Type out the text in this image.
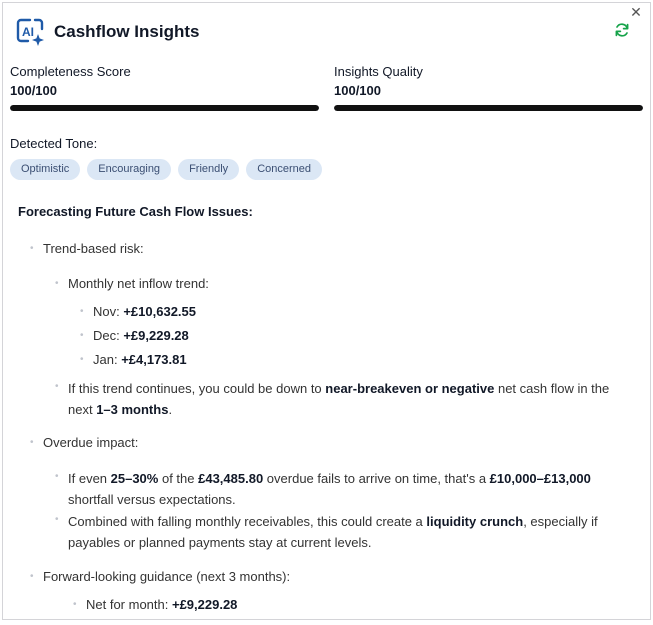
✕
AI Cashflow Insights
Completeness Score
100/100
Insights Quality
100/100
Detected Tone:
Optimistic	Encouraging	Friendly	Concerned
Forecasting Future Cash Flow Issues:
• Trend-based risk:
• Monthly net inflow trend:
• Nov: +£10,632.55
• Dec: +£9,229.28
• Jan: +£4,173.81
• If this trend continues, you could be down to near-breakeven or negative net cash flow in the
next 1–3 months.
• Overdue impact:
• If even 25–30% of the £43,485.80 overdue fails to arrive on time, that's a £10,000–£13,000
shortfall versus expectations.
• Combined with falling monthly receivables, this could create a liquidity crunch, especially if
payables or planned payments stay at current levels.
• Forward-looking guidance (next 3 months):
• Net for month: +£9,229.28
